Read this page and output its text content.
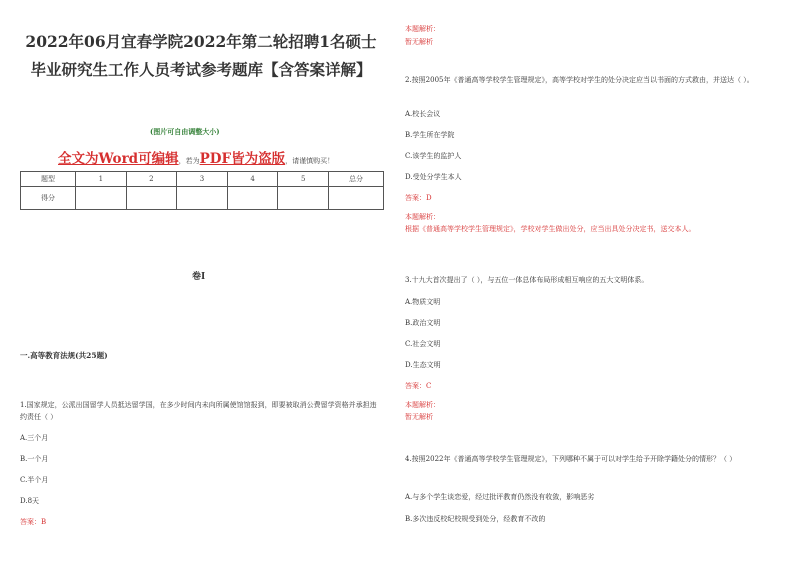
2022年06月宜春学院2022年第二轮招聘1名硕士毕业研究生工作人员考试参考题库【含答案详解】
(图片可自由调整大小)
全文为Word可编辑，若为PDF皆为盗版，请谨慎购买！
题型	1	2	3	4	5	总分
得分						
卷I
一.高等教育法规(共25题)
1.国家规定，公派出国留学人员抵达留学国，在多少时间内未向所属使馆馆报到，即要被取消公费留学资格并承担违约责任（ ）
A.三个月
B.一个月
C.半个月
D.8天
答案：B
本题解析：
暂无解析
2.按照2005年《普通高等学校学生管理规定》，高等学校对学生的处分决定应当以书面的方式救由，并送达（ ）。
A.校长会议
B.学生所在学院
C.该学生的监护人
D.受处分学生本人
答案：D
本题解析：
根据《普通高等学校学生管理规定》，学校对学生做出处分，应当出具处分决定书，送交本人。
3.十九大首次提出了（ ），与五位一体总体布局形成相互响应的五大文明体系。
A.物质文明
B.政治文明
C.社会文明
D.生态文明
答案：C
本题解析：
暂无解析
4.按照2022年《普通高等学校学生管理规定》，下列哪种不属于可以对学生给予开除学籍处分的情形？（ ）
A.与多个学生谈恋爱，经过批评教育仍然没有收敛，影响恶劣
B.多次违反校纪校规受到处分，经教育不改的
